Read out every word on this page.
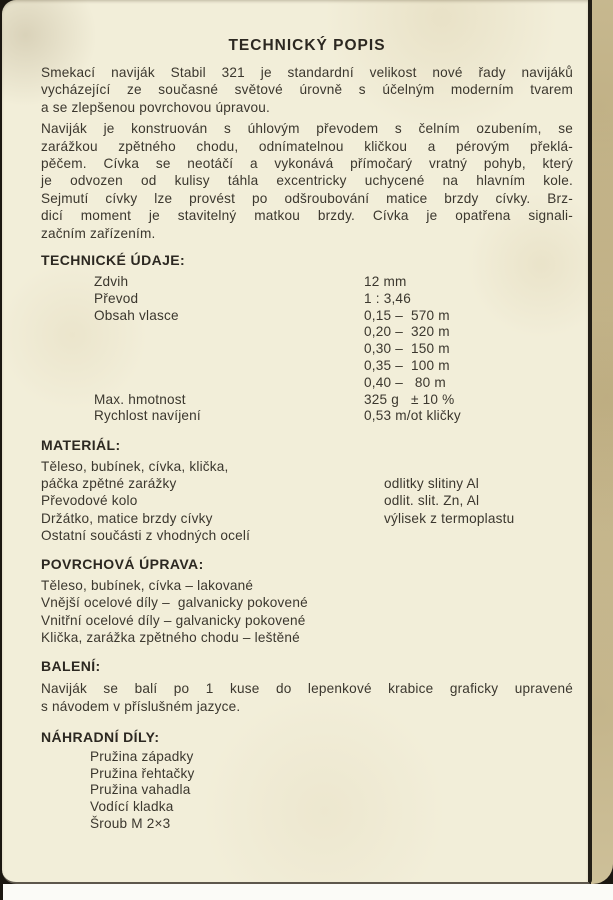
TECHNICKÝ POPIS
Smekací naviják Stabil 321 je standardní velikost nové řady navijáků
vycházející ze současné světové úrovně s účelným moderním tvarem
a se zlepšenou povrchovou úpravou.
Naviják je konstruován s úhlovým převodem s čelním ozubením, se
zarážkou zpětného chodu, odnímatelnou kličkou a pérovým překlá-
pěčem. Cívka se neotáčí a vykonává přímočarý vratný pohyb, který
je odvozen od kulisy táhla excentricky uchycené na hlavním kole.
Sejmutí cívky lze provést po odšroubování matice brzdy cívky. Brz-
dicí moment je stavitelný matkou brzdy. Cívka je opatřena signali-
začním zařízením.
TECHNICKÉ ÚDAJE:
Zdvih	12 mm
Převod	1 : 3,46
Obsah vlasce	0,15 –  570 m
0,20 –  320 m
0,30 –  150 m
0,35 –  100 m
0,40 –   80 m
Max. hmotnost	325 g   ± 10 %
Rychlost navíjení	0,53 m/ot kličky
MATERIÁL:
Těleso, bubínek, cívka, klička,
páčka zpětné zarážky	odlitky slitiny Al
Převodové kolo	odlit. slit. Zn, Al
Držátko, matice brzdy cívky	výlisek z termoplastu
Ostatní součásti z vhodných ocelí
POVRCHOVÁ ÚPRAVA:
Těleso, bubínek, cívka – lakované
Vnější ocelové díly –  galvanicky pokovené
Vnitřní ocelové díly – galvanicky pokovené
Klička, zarážka zpětného chodu – leštěné
BALENÍ:
Naviják se balí po 1 kuse do lepenkové krabice graficky upravené
s návodem v příslušném jazyce.
NÁHRADNÍ DÍLY:
Pružina západky
Pružina řehtačky
Pružina vahadla
Vodící kladka
Šroub M 2×3
